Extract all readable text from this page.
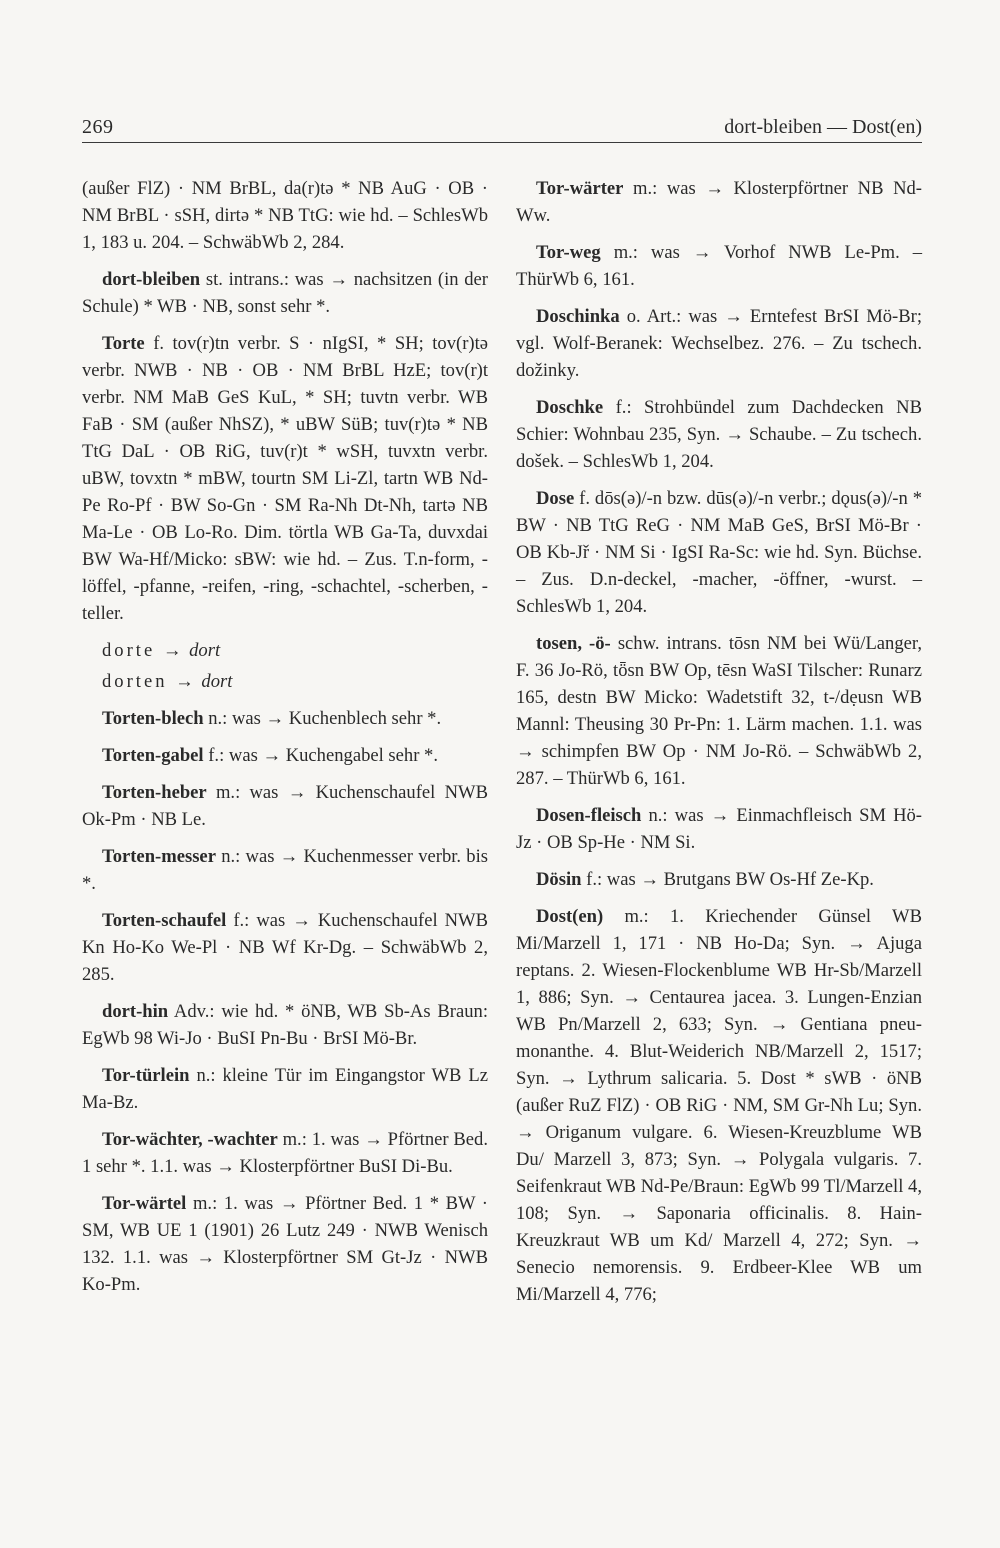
269	dort-bleiben — Dost(en)

(außer FlZ) · NM BrBL, da(r)tə * NB AuG · OB · NM BrBL · sSH, dirtə * NB TtG: wie hd. – SchlesWb 1, 183 u. 204. – SchwäbWb 2, 284.

dort-bleiben st. intrans.: was → nachsitzen (in der Schule) * WB · NB, sonst sehr *.

Torte f. tov(r)tn verbr. S · nIgSI, * SH; tov(r)tə verbr. NWB · NB · OB · NM BrBL HzE; tov(r)t verbr. NM MaB GeS KuL, * SH; tuvtn verbr. WB FaB · SM (außer NhSZ), * uBW SüB; tuv(r)tə * NB TtG DaL · OB RiG, tuv(r)t * wSH, tuvxtn verbr. uBW, tovxtn * mBW, tourtn SM Li-Zl, tartn WB Nd-Pe Ro-Pf · BW So-Gn · SM Ra-Nh Dt-Nh, tartə NB Ma-Le · OB Lo-Ro. Dim. törtla WB Ga-Ta, duvxdai BW Wa-Hf/Micko: sBW: wie hd. – Zus. T.n-form, -löffel, -pfanne, -reifen, -ring, -schachtel, -scherben, -teller.

dorte → dort

dorten → dort

Torten-blech n.: was → Kuchenblech sehr *.

Torten-gabel f.: was → Kuchengabel sehr *.

Torten-heber m.: was → Kuchenschaufel NWB Ok-Pm · NB Le.

Torten-messer n.: was → Kuchenmesser verbr. bis *.

Torten-schaufel f.: was → Kuchenschaufel NWB Kn Ho-Ko We-Pl · NB Wf Kr-Dg. – SchwäbWb 2, 285.

dort-hin Adv.: wie hd. * öNB, WB Sb-As Braun: EgWb 98 Wi-Jo · BuSI Pn-Bu · BrSI Mö-Br.

Tor-türlein n.: kleine Tür im Eingangstor WB Lz Ma-Bz.

Tor-wächter, -wachter m.: 1. was → Pförtner Bed. 1 sehr *. 1.1. was → Klosterpförtner BuSI Di-Bu.

Tor-wärtel m.: 1. was → Pförtner Bed. 1 * BW · SM, WB UE 1 (1901) 26 Lutz 249 · NWB Wenisch 132. 1.1. was → Klosterpförtner SM Gt-Jz · NWB Ko-Pm.

Tor-wärter m.: was → Klosterpförtner NB Nd-Ww.

Tor-weg m.: was → Vorhof NWB Le-Pm. – ThürWb 6, 161.

Doschinka o. Art.: was → Erntefest BrSI Mö-Br; vgl. Wolf-Beranek: Wechselbez. 276. – Zu tschech. dožinky.

Doschke f.: Strohbündel zum Dachdecken NB Schier: Wohnbau 235, Syn. → Schaube. – Zu tschech. došek. – SchlesWb 1, 204.

Dose f. dōs(ə)/-n bzw. dūs(ə)/-n verbr.; dǫus(ə)/-n * BW · NB TtG ReG · NM MaB GeS, BrSI Mö-Br · OB Kb-Jř · NM Si · IgSI Ra-Sc: wie hd. Syn. Büchse. – Zus. D.n-deckel, -macher, -öffner, -wurst. – SchlesWb 1, 204.

tosen, -ö- schw. intrans. tōsn NM bei Wü/Langer, F. 36 Jo-Rö, tȫsn BW Op, tēsn WaSI Tilscher: Runarz 165, destn BW Micko: Wadetstift 32, t-/dẹusn WB Mannl: Theusing 30 Pr-Pn: 1. Lärm machen. 1.1. was → schimpfen BW Op · NM Jo-Rö. – SchwäbWb 2, 287. – ThürWb 6, 161.

Dosen-fleisch n.: was → Einmachfleisch SM Hö-Jz · OB Sp-He · NM Si.

Dösin f.: was → Brutgans BW Os-Hf Ze-Kp.

Dost(en) m.: 1. Kriechender Günsel WB Mi/Marzell 1, 171 · NB Ho-Da; Syn. → Ajuga reptans. 2. Wiesen-Flockenblume WB Hr-Sb/Marzell 1, 886; Syn. → Centaurea jacea. 3. Lungen-Enzian WB Pn/Marzell 2, 633; Syn. → Gentiana pneumonanthe. 4. Blut-Weiderich NB/Marzell 2, 1517; Syn. → Lythrum salicaria. 5. Dost * sWB · öNB (außer RuZ FlZ) · OB RiG · NM, SM Gr-Nh Lu; Syn. → Origanum vulgare. 6. Wiesen-Kreuzblume WB Du/ Marzell 3, 873; Syn. → Polygala vulgaris. 7. Seifenkraut WB Nd-Pe/Braun: EgWb 99 Tl/Marzell 4, 108; Syn. → Saponaria officinalis. 8. Hain-Kreuzkraut WB um Kd/ Marzell 4, 272; Syn. → Senecio nemorensis. 9. Erdbeer-Klee WB um Mi/Marzell 4, 776;
